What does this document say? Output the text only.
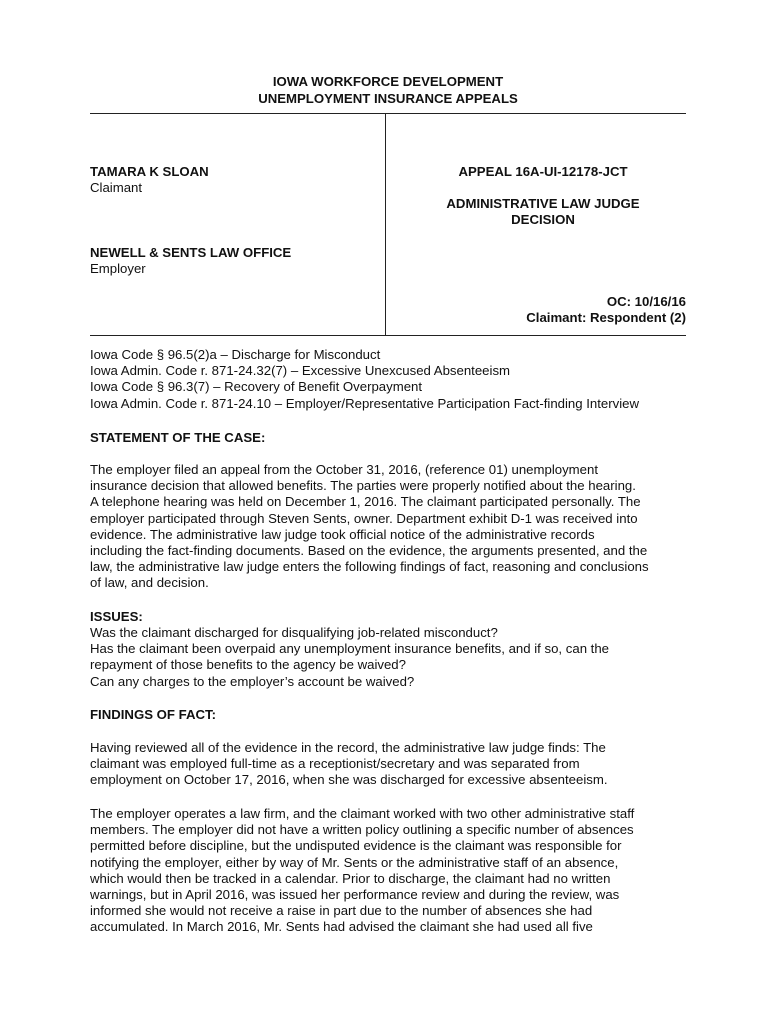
IOWA WORKFORCE DEVELOPMENT
UNEMPLOYMENT INSURANCE APPEALS
TAMARA K SLOAN
Claimant
NEWELL & SENTS LAW OFFICE
Employer
APPEAL 16A-UI-12178-JCT
ADMINISTRATIVE LAW JUDGE
DECISION
OC: 10/16/16
Claimant: Respondent (2)
Iowa Code § 96.5(2)a – Discharge for Misconduct
Iowa Admin. Code r. 871-24.32(7) – Excessive Unexcused Absenteeism
Iowa Code § 96.3(7) – Recovery of Benefit Overpayment
Iowa Admin. Code r. 871-24.10 – Employer/Representative Participation Fact-finding Interview
STATEMENT OF THE CASE:
The employer filed an appeal from the October 31, 2016, (reference 01) unemployment
insurance decision that allowed benefits. The parties were properly notified about the hearing.
A telephone hearing was held on December 1, 2016. The claimant participated personally. The
employer participated through Steven Sents, owner. Department exhibit D-1 was received into
evidence. The administrative law judge took official notice of the administrative records
including the fact-finding documents. Based on the evidence, the arguments presented, and the
law, the administrative law judge enters the following findings of fact, reasoning and conclusions
of law, and decision.
ISSUES:
Was the claimant discharged for disqualifying job-related misconduct?
Has the claimant been overpaid any unemployment insurance benefits, and if so, can the
repayment of those benefits to the agency be waived?
Can any charges to the employer’s account be waived?
FINDINGS OF FACT:
Having reviewed all of the evidence in the record, the administrative law judge finds: The
claimant was employed full-time as a receptionist/secretary and was separated from
employment on October 17, 2016, when she was discharged for excessive absenteeism.
The employer operates a law firm, and the claimant worked with two other administrative staff
members. The employer did not have a written policy outlining a specific number of absences
permitted before discipline, but the undisputed evidence is the claimant was responsible for
notifying the employer, either by way of Mr. Sents or the administrative staff of an absence,
which would then be tracked in a calendar. Prior to discharge, the claimant had no written
warnings, but in April 2016, was issued her performance review and during the review, was
informed she would not receive a raise in part due to the number of absences she had
accumulated. In March 2016, Mr. Sents had advised the claimant she had used all five
